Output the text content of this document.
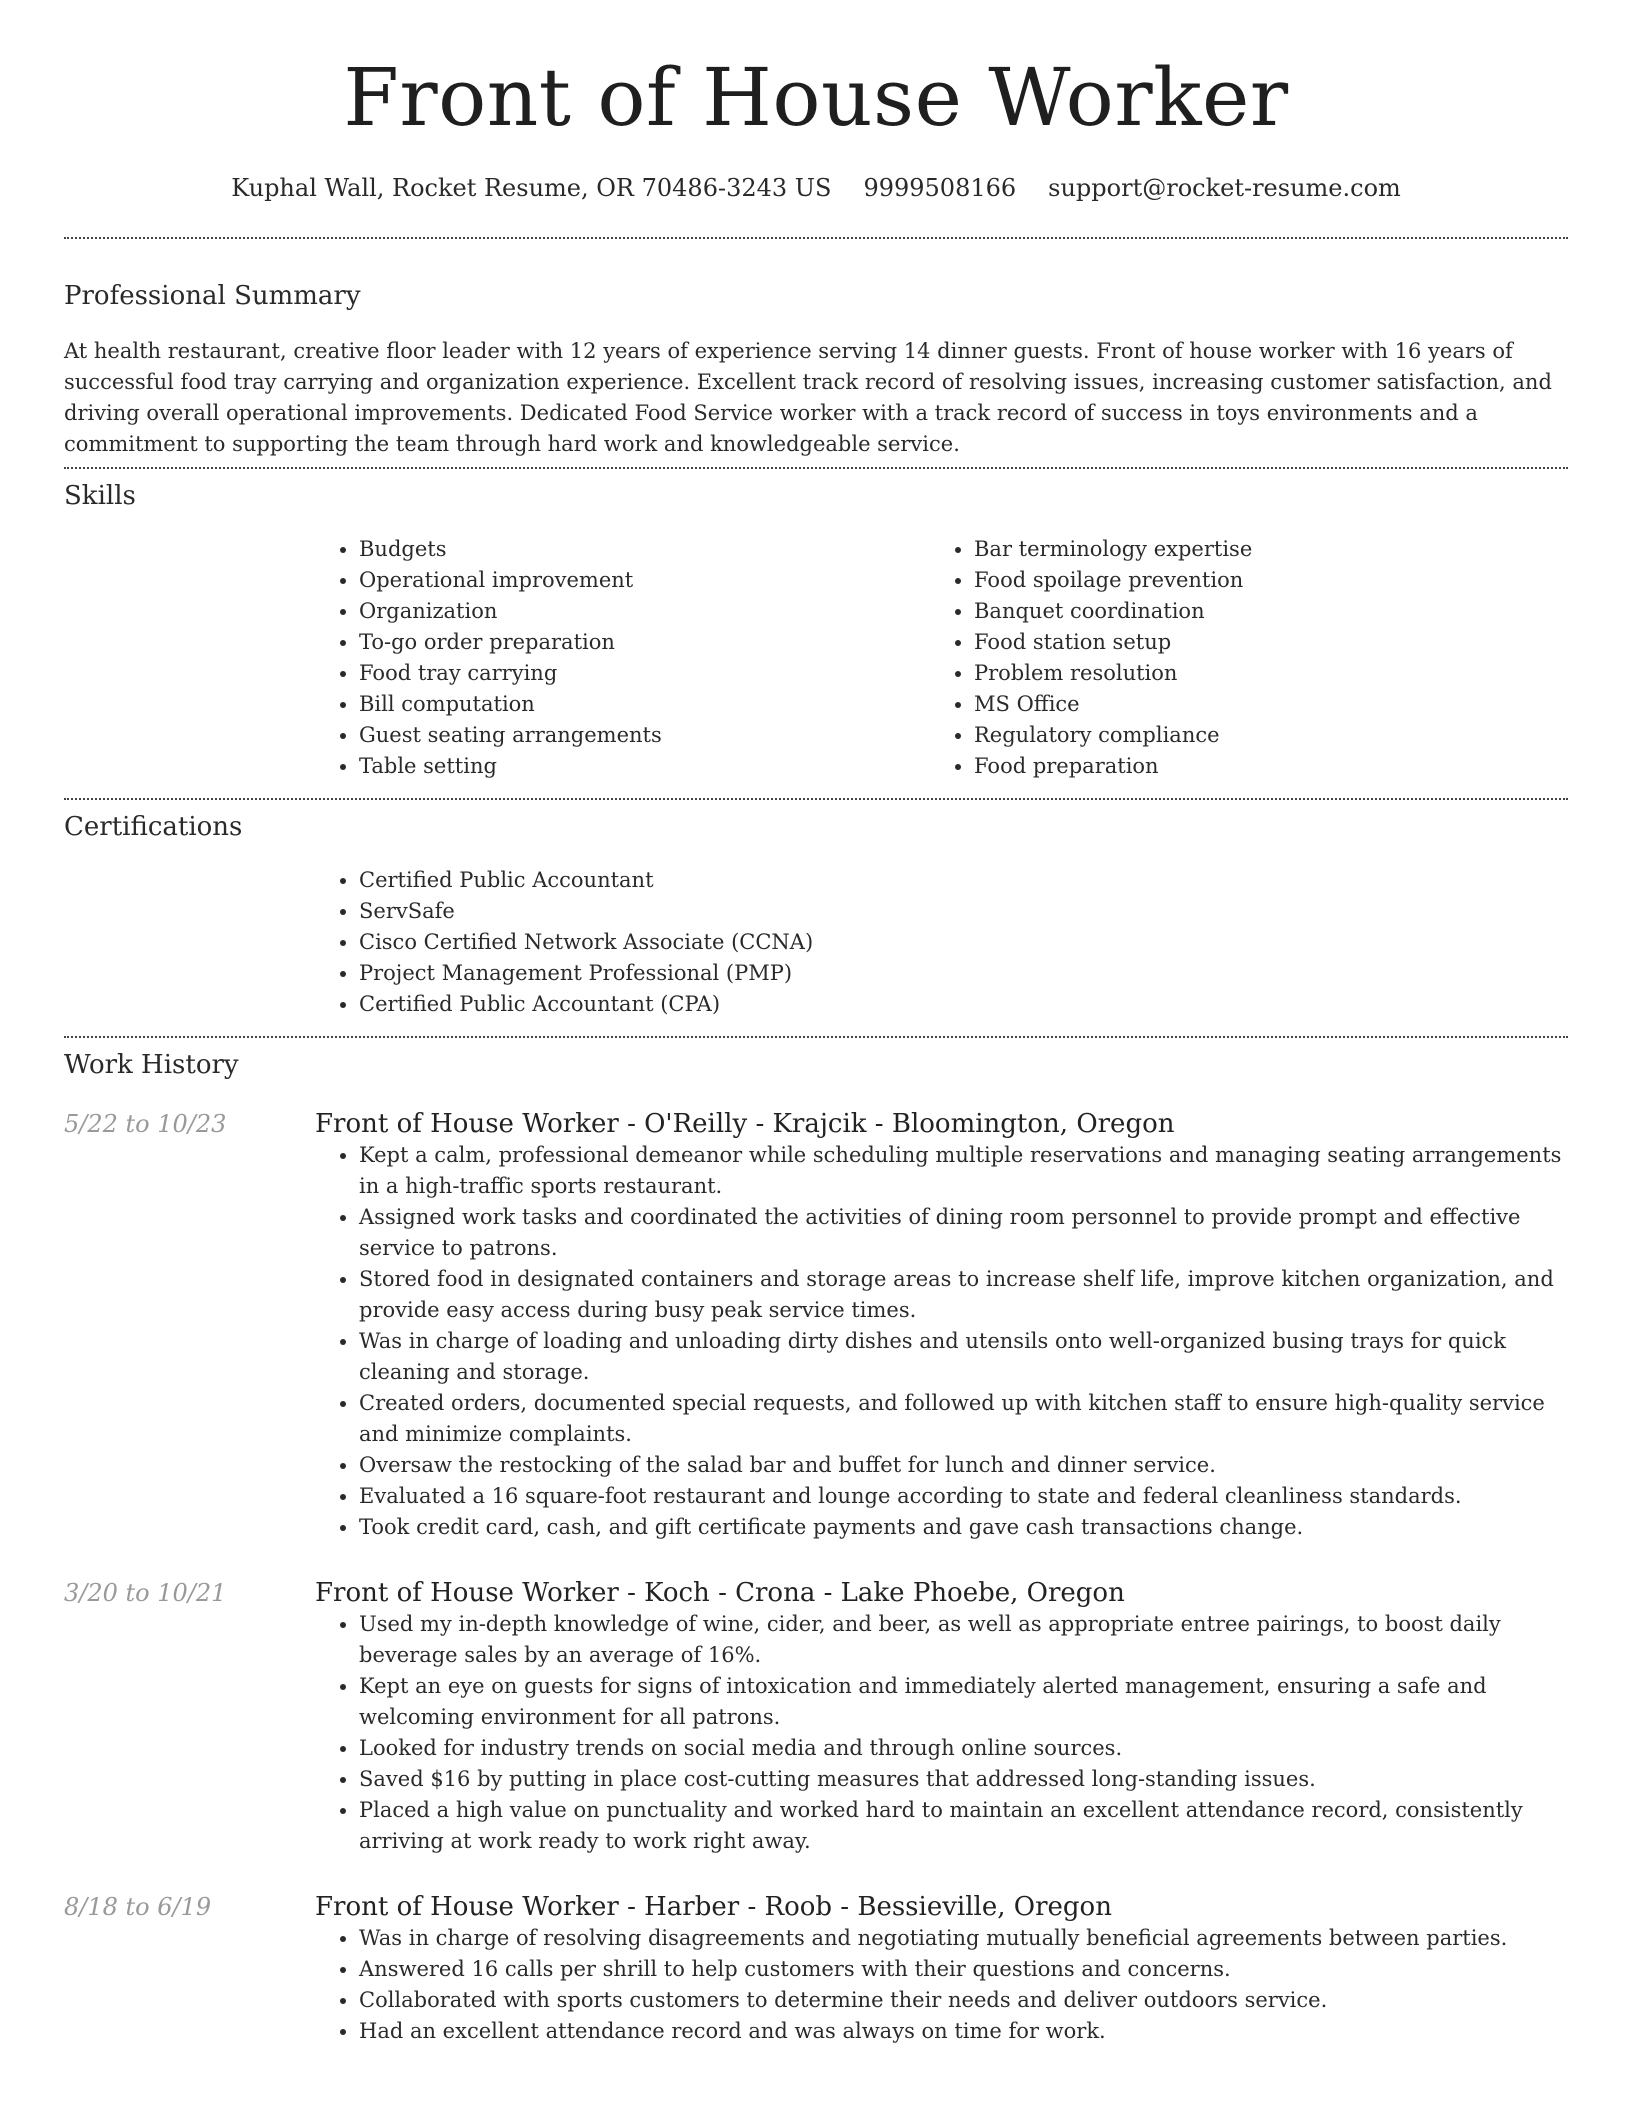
Front of House Worker
Kuphal Wall, Rocket Resume, OR 70486-3243 US 9999508166 support@rocket-resume.com
Professional Summary

At health restaurant, creative floor leader with 12 years of experience serving 14 dinner guests. Front of house worker with 16 years of successful food tray carrying and organization experience. Excellent track record of resolving issues, increasing customer satisfaction, and driving overall operational improvements. Dedicated Food Service worker with a track record of success in toys environments and a commitment to supporting the team through hard work and knowledgeable service.

Skills
• Budgets
• Operational improvement
• Organization
• To-go order preparation
• Food tray carrying
• Bill computation
• Guest seating arrangements
• Table setting
• Bar terminology expertise
• Food spoilage prevention
• Banquet coordination
• Food station setup
• Problem resolution
• MS Office
• Regulatory compliance
• Food preparation
Certifications
• Certified Public Accountant
• ServSafe
• Cisco Certified Network Associate (CCNA)
• Project Management Professional (PMP)
• Certified Public Accountant (CPA)
Work History
5/22 to 10/23	Front of House Worker - O'Reilly - Krajcik - Bloomington, Oregon
• Kept a calm, professional demeanor while scheduling multiple reservations and managing seating arrangements in a high-traffic sports restaurant.
• Assigned work tasks and coordinated the activities of dining room personnel to provide prompt and effective service to patrons.
• Stored food in designated containers and storage areas to increase shelf life, improve kitchen organization, and provide easy access during busy peak service times.
• Was in charge of loading and unloading dirty dishes and utensils onto well-organized busing trays for quick cleaning and storage.
• Created orders, documented special requests, and followed up with kitchen staff to ensure high-quality service and minimize complaints.
• Oversaw the restocking of the salad bar and buffet for lunch and dinner service.
• Evaluated a 16 square-foot restaurant and lounge according to state and federal cleanliness standards.
• Took credit card, cash, and gift certificate payments and gave cash transactions change.
3/20 to 10/21	Front of House Worker - Koch - Crona - Lake Phoebe, Oregon
• Used my in-depth knowledge of wine, cider, and beer, as well as appropriate entree pairings, to boost daily beverage sales by an average of 16%.
• Kept an eye on guests for signs of intoxication and immediately alerted management, ensuring a safe and welcoming environment for all patrons.
• Looked for industry trends on social media and through online sources.
• Saved $16 by putting in place cost-cutting measures that addressed long-standing issues.
• Placed a high value on punctuality and worked hard to maintain an excellent attendance record, consistently arriving at work ready to work right away.
8/18 to 6/19	Front of House Worker - Harber - Roob - Bessieville, Oregon
• Was in charge of resolving disagreements and negotiating mutually beneficial agreements between parties.
• Answered 16 calls per shrill to help customers with their questions and concerns.
• Collaborated with sports customers to determine their needs and deliver outdoors service.
• Had an excellent attendance record and was always on time for work.
